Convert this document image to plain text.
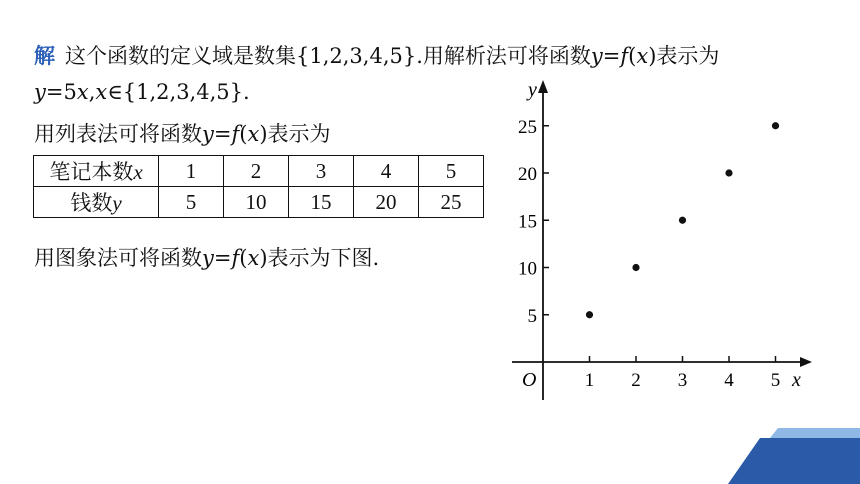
解 这个函数的定义域是数集{1,2,3,4,5}.用解析法可将函数y=f(x)表示为
y=5x,x∈{1,2,3,4,5}.
用列表法可将函数y=f(x)表示为
笔记本数x	1	2	3	4	5
钱数y	5	10	15	20	25
用图象法可将函数y=f(x)表示为下图.
x
y
O	1 2 3 4 5
5
10
15
20
25
